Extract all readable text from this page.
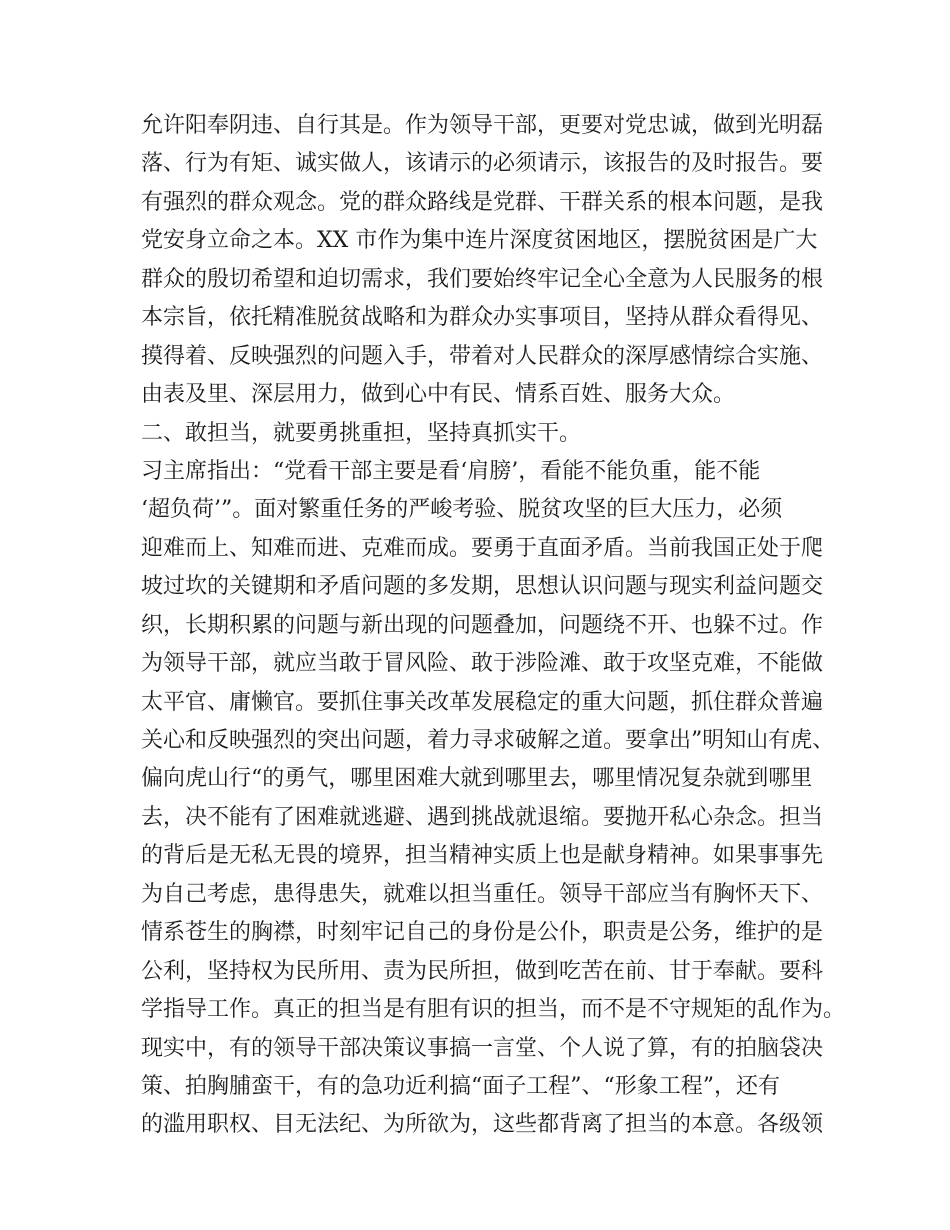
允许阳奉阴违、自行其是。作为领导干部，更要对党忠诚，做到光明磊
落、行为有矩、诚实做人，该请示的必须请示，该报告的及时报告。要
有强烈的群众观念。党的群众路线是党群、干群关系的根本问题，是我
党安身立命之本。XX 市作为集中连片深度贫困地区，摆脱贫困是广大
群众的殷切希望和迫切需求，我们要始终牢记全心全意为人民服务的根
本宗旨，依托精准脱贫战略和为群众办实事项目，坚持从群众看得见、
摸得着、反映强烈的问题入手，带着对人民群众的深厚感情综合实施、
由表及里、深层用力，做到心中有民、情系百姓、服务大众。
二、敢担当，就要勇挑重担，坚持真抓实干。
习主席指出：“党看干部主要是看‘肩膀’，看能不能负重，能不能
‘超负荷’”。面对繁重任务的严峻考验、脱贫攻坚的巨大压力，必须
迎难而上、知难而进、克难而成。要勇于直面矛盾。当前我国正处于爬
坡过坎的关键期和矛盾问题的多发期，思想认识问题与现实利益问题交
织，长期积累的问题与新出现的问题叠加，问题绕不开、也躲不过。作
为领导干部，就应当敢于冒风险、敢于涉险滩、敢于攻坚克难，不能做
太平官、庸懒官。要抓住事关改革发展稳定的重大问题，抓住群众普遍
关心和反映强烈的突出问题，着力寻求破解之道。要拿出”明知山有虎、
偏向虎山行“的勇气，哪里困难大就到哪里去，哪里情况复杂就到哪里
去，决不能有了困难就逃避、遇到挑战就退缩。要抛开私心杂念。担当
的背后是无私无畏的境界，担当精神实质上也是献身精神。如果事事先
为自己考虑，患得患失，就难以担当重任。领导干部应当有胸怀天下、
情系苍生的胸襟，时刻牢记自己的身份是公仆，职责是公务，维护的是
公利，坚持权为民所用、责为民所担，做到吃苦在前、甘于奉献。要科
学指导工作。真正的担当是有胆有识的担当，而不是不守规矩的乱作为。
现实中，有的领导干部决策议事搞一言堂、个人说了算，有的拍脑袋决
策、拍胸脯蛮干，有的急功近利搞“面子工程”、“形象工程”，还有
的滥用职权、目无法纪、为所欲为，这些都背离了担当的本意。各级领
